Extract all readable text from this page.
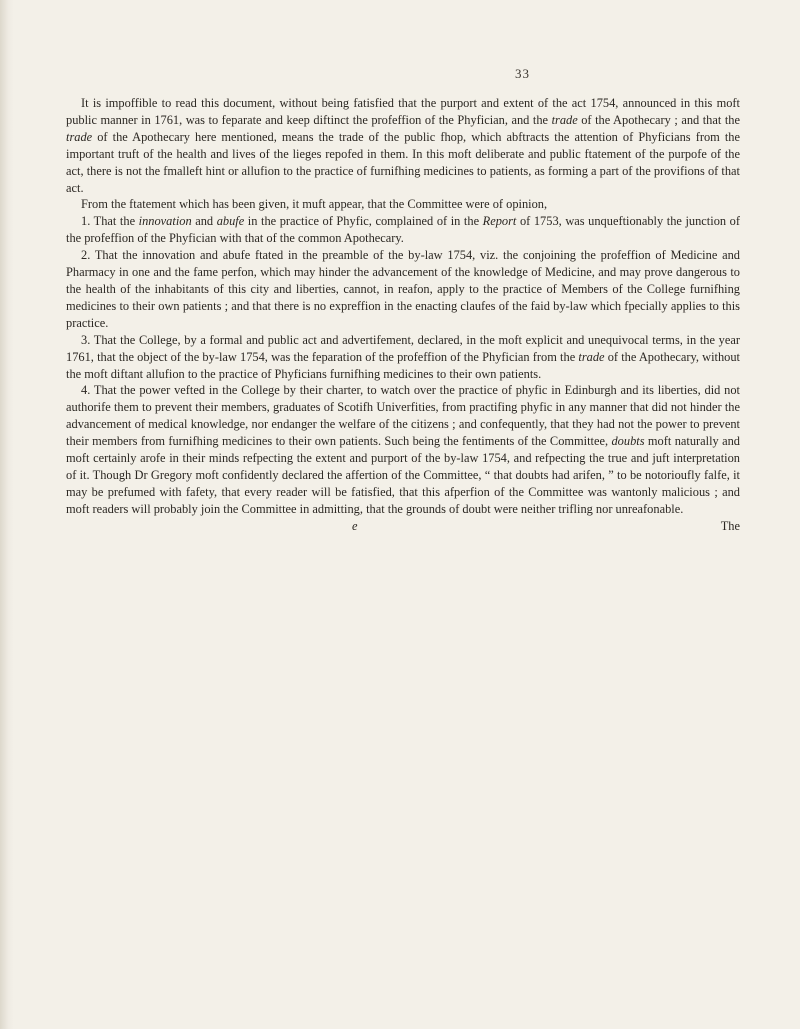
33

It is impoffible to read this document, without being fatisfied that the purport and extent of the act 1754, announced in this moft public manner in 1761, was to feparate and keep diftinct the profeffion of the Phyfician, and the trade of the Apothecary ; and that the trade of the Apothecary here mentioned, means the trade of the public fhop, which abftracts the attention of Phyficians from the important truft of the health and lives of the lieges repofed in them. In this moft deliberate and public ftatement of the purpofe of the act, there is not the fmalleft hint or allufion to the practice of furnifhing medicines to patients, as forming a part of the provifions of that act.

From the ftatement which has been given, it muft appear, that the Committee were of opinion,

1. That the innovation and abufe in the practice of Phyfic, complained of in the Report of 1753, was unqueftionably the junction of the profeffion of the Phyfician with that of the common Apothecary.

2. That the innovation and abufe ftated in the preamble of the by-law 1754, viz. the conjoining the profeffion of Medicine and Pharmacy in one and the fame perfon, which may hinder the advancement of the knowledge of Medicine, and may prove dangerous to the health of the inhabitants of this city and liberties, cannot, in reafon, apply to the practice of Members of the College furnifhing medicines to their own patients ; and that there is no expreffion in the enacting claufes of the faid by-law which fpecially applies to this practice.

3. That the College, by a formal and public act and advertifement, declared, in the moft explicit and unequivocal terms, in the year 1761, that the object of the by-law 1754, was the feparation of the profeffion of the Phyfician from the trade of the Apothecary, without the moft diftant allufion to the practice of Phyficians furnifhing medicines to their own patients.

4. That the power vefted in the College by their charter, to watch over the practice of phyfic in Edinburgh and its liberties, did not authorife them to prevent their members, graduates of Scotifh Univerfities, from practifing phyfic in any manner that did not hinder the advancement of medical knowledge, nor endanger the welfare of the citizens ; and confequently, that they had not the power to prevent their members from furnifhing medicines to their own patients. Such being the fentiments of the Committee, doubts moft naturally and moft certainly arofe in their minds refpecting the extent and purport of the by-law 1754, and refpecting the true and juft interpretation of it. Though Dr Gregory moft confidently declared the affertion of the Committee, “ that doubts had arifen, ” to be notorioufly falfe, it may be prefumed with fafety, that every reader will be fatisfied, that this afperfion of the Committee was wantonly malicious ; and moft readers will probably join the Committee in admitting, that the grounds of doubt were neither trifling nor unreafonable.

e	The
